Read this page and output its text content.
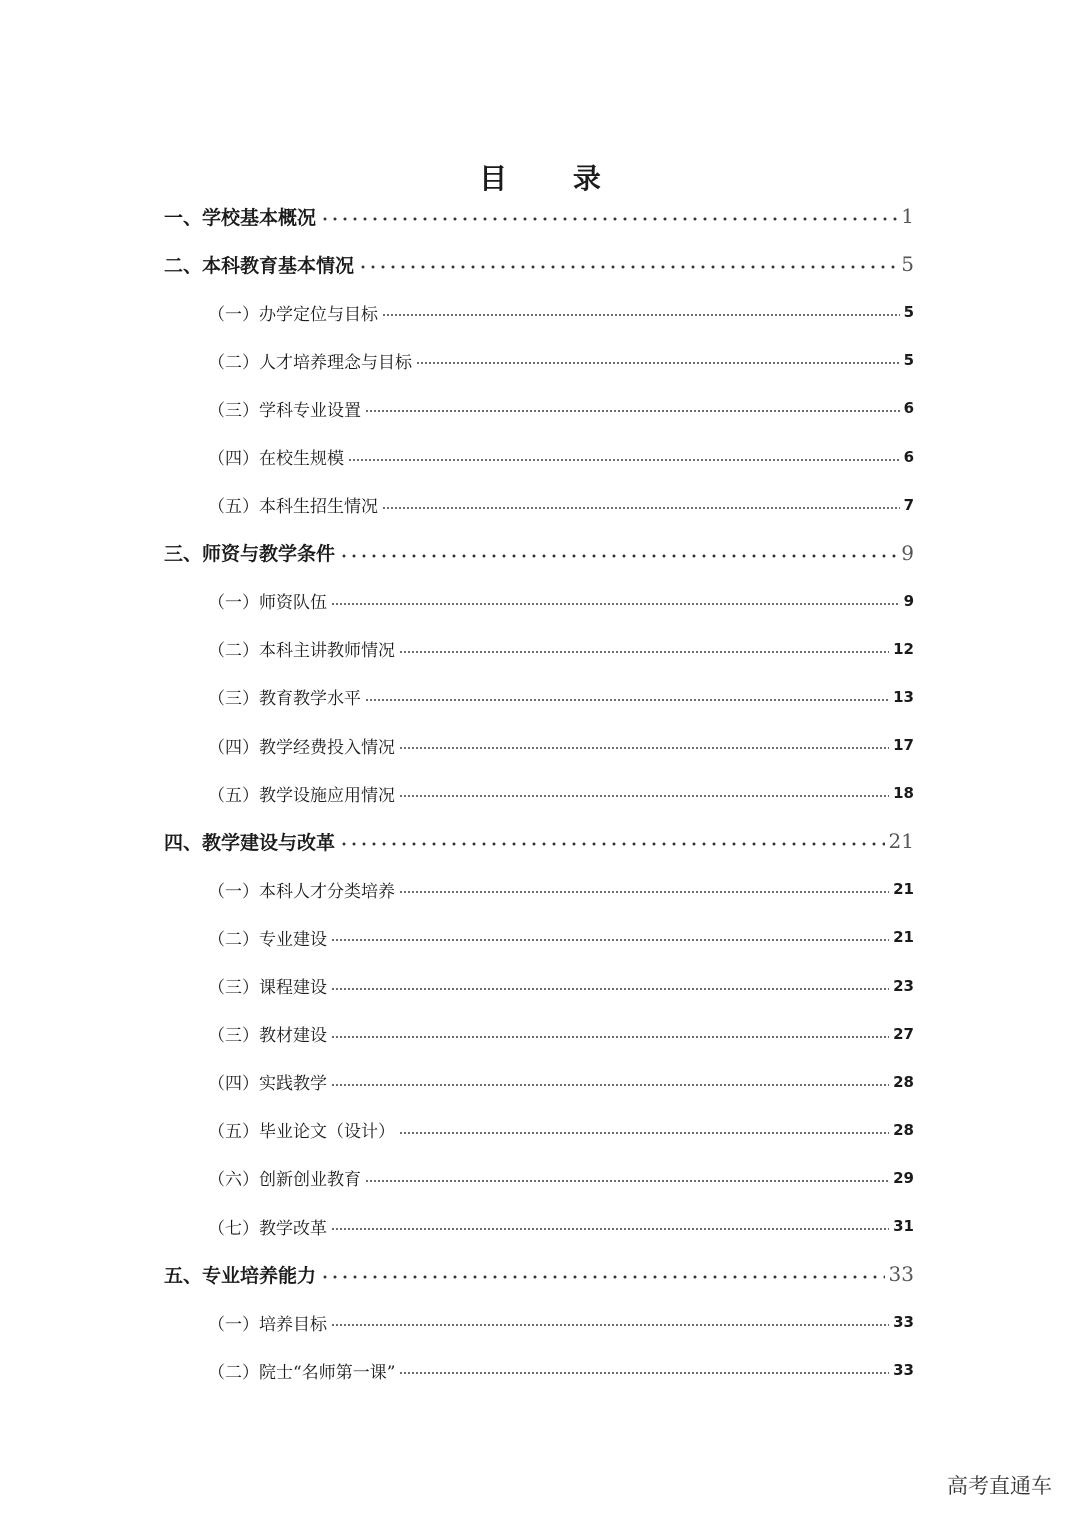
目 录
一、学校基本概况	1
二、本科教育基本情况	5
（一）办学定位与目标	5
（二）人才培养理念与目标	5
（三）学科专业设置	6
（四）在校生规模	6
（五）本科生招生情况	7
三、师资与教学条件	9
（一）师资队伍	9
（二）本科主讲教师情况	12
（三）教育教学水平	13
（四）教学经费投入情况	17
（五）教学设施应用情况	18
四、教学建设与改革	21
（一）本科人才分类培养	21
（二）专业建设	21
（三）课程建设	23
（三）教材建设	27
（四）实践教学	28
（五）毕业论文（设计）	28
（六）创新创业教育	29
（七）教学改革	31
五、专业培养能力	33
（一）培养目标	33
（二）院士“名师第一课”	33
高考直通车
